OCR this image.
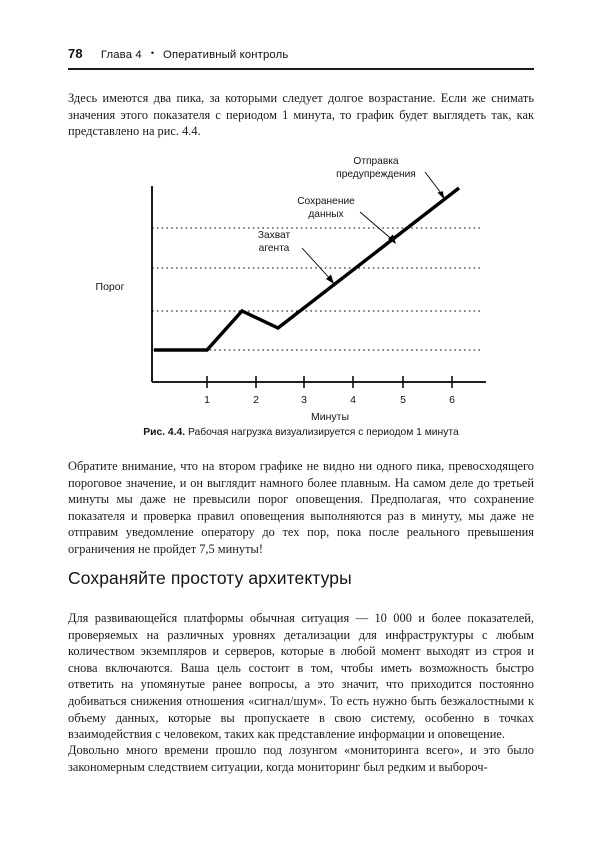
78 Глава 4 • Оперативный контроль

Здесь имеются два пика, за которыми следует долгое возрастание. Если же снимать значения этого показателя с периодом 1 минута, то график будет выглядеть так, как представлено на рис. 4.4.

1	2	3	4	5	6
Минуты
Порог
Отправка
предупреждения
Сохранение
данных
Захват
агента
Рис. 4.4. Рабочая нагрузка визуализируется с периодом 1 минута

Обратите внимание, что на втором графике не видно ни одного пика, превосходящего пороговое значение, и он выглядит намного более плавным. На самом деле до третьей минуты мы даже не превысили порог оповещения. Предполагая, что сохранение показателя и проверка правил оповещения выполняются раз в минуту, мы даже не отправим уведомление оператору до тех пор, пока после реального превышения ограничения не пройдет 7,5 минуты!

Сохраняйте простоту архитектуры

Для развивающейся платформы обычная ситуация — 10 000 и более показателей, проверяемых на различных уровнях детализации для инфраструктуры с любым количеством экземпляров и серверов, которые в любой момент выходят из строя и снова включаются. Ваша цель состоит в том, чтобы иметь возможность быстро ответить на упомянутые ранее вопросы, а это значит, что приходится постоянно добиваться снижения отношения «сигнал/шум». То есть нужно быть безжалостными к объему данных, которые вы пропускаете в свою систему, особенно в точках взаимодействия с человеком, таких как представление информации и оповещение.

Довольно много времени прошло под лозунгом «мониторинга всего», и это было закономерным следствием ситуации, когда мониторинг был редким и выбороч-
